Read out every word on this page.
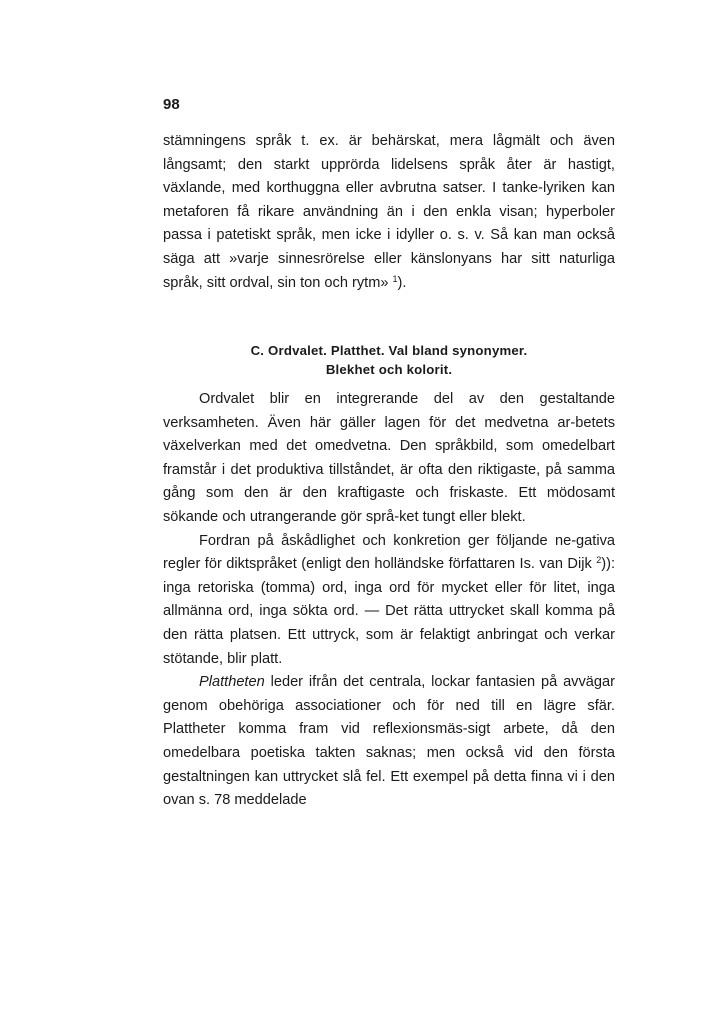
98

stämningens språk t. ex. är behärskat, mera lågmält och även långsamt; den starkt upprörda lidelsens språk åter är hastigt, växlande, med korthuggna eller avbrutna satser. I tanke-lyriken kan metaforen få rikare användning än i den enkla visan; hyperboler passa i patetiskt språk, men icke i idyller o. s. v. Så kan man också säga att »varje sinnesrörelse eller känslonyans har sitt naturliga språk, sitt ordval, sin ton och rytm» $^1$).

C. Ordvalet. Platthet. Val bland synonymer.
Blekhet och kolorit.

Ordvalet blir en integrerande del av den gestaltande verksamheten. Även här gäller lagen för det medvetna ar-betets växelverkan med det omedvetna. Den språkbild, som omedelbart framstår i det produktiva tillståndet, är ofta den riktigaste, på samma gång som den är den kraftigaste och friskaste. Ett mödosamt sökande och utrangerande gör språ-ket tungt eller blekt.

Fordran på åskådlighet och konkretion ger följande ne-gativa regler för diktspråket (enligt den holländske författaren Is. van Dijk $^2$)): inga retoriska (tomma) ord, inga ord för mycket eller för litet, inga allmänna ord, inga sökta ord. — Det rätta uttrycket skall komma på den rätta platsen. Ett uttryck, som är felaktigt anbringat och verkar stötande, blir platt.

Plattheten leder ifrån det centrala, lockar fantasien på avvägar genom obehöriga associationer och för ned till en lägre sfär. Plattheter komma fram vid reflexionsmäs-sigt arbete, då den omedelbara poetiska takten saknas; men också vid den första gestaltningen kan uttrycket slå fel. Ett exempel på detta finna vi i den ovan s. 78 meddelade
